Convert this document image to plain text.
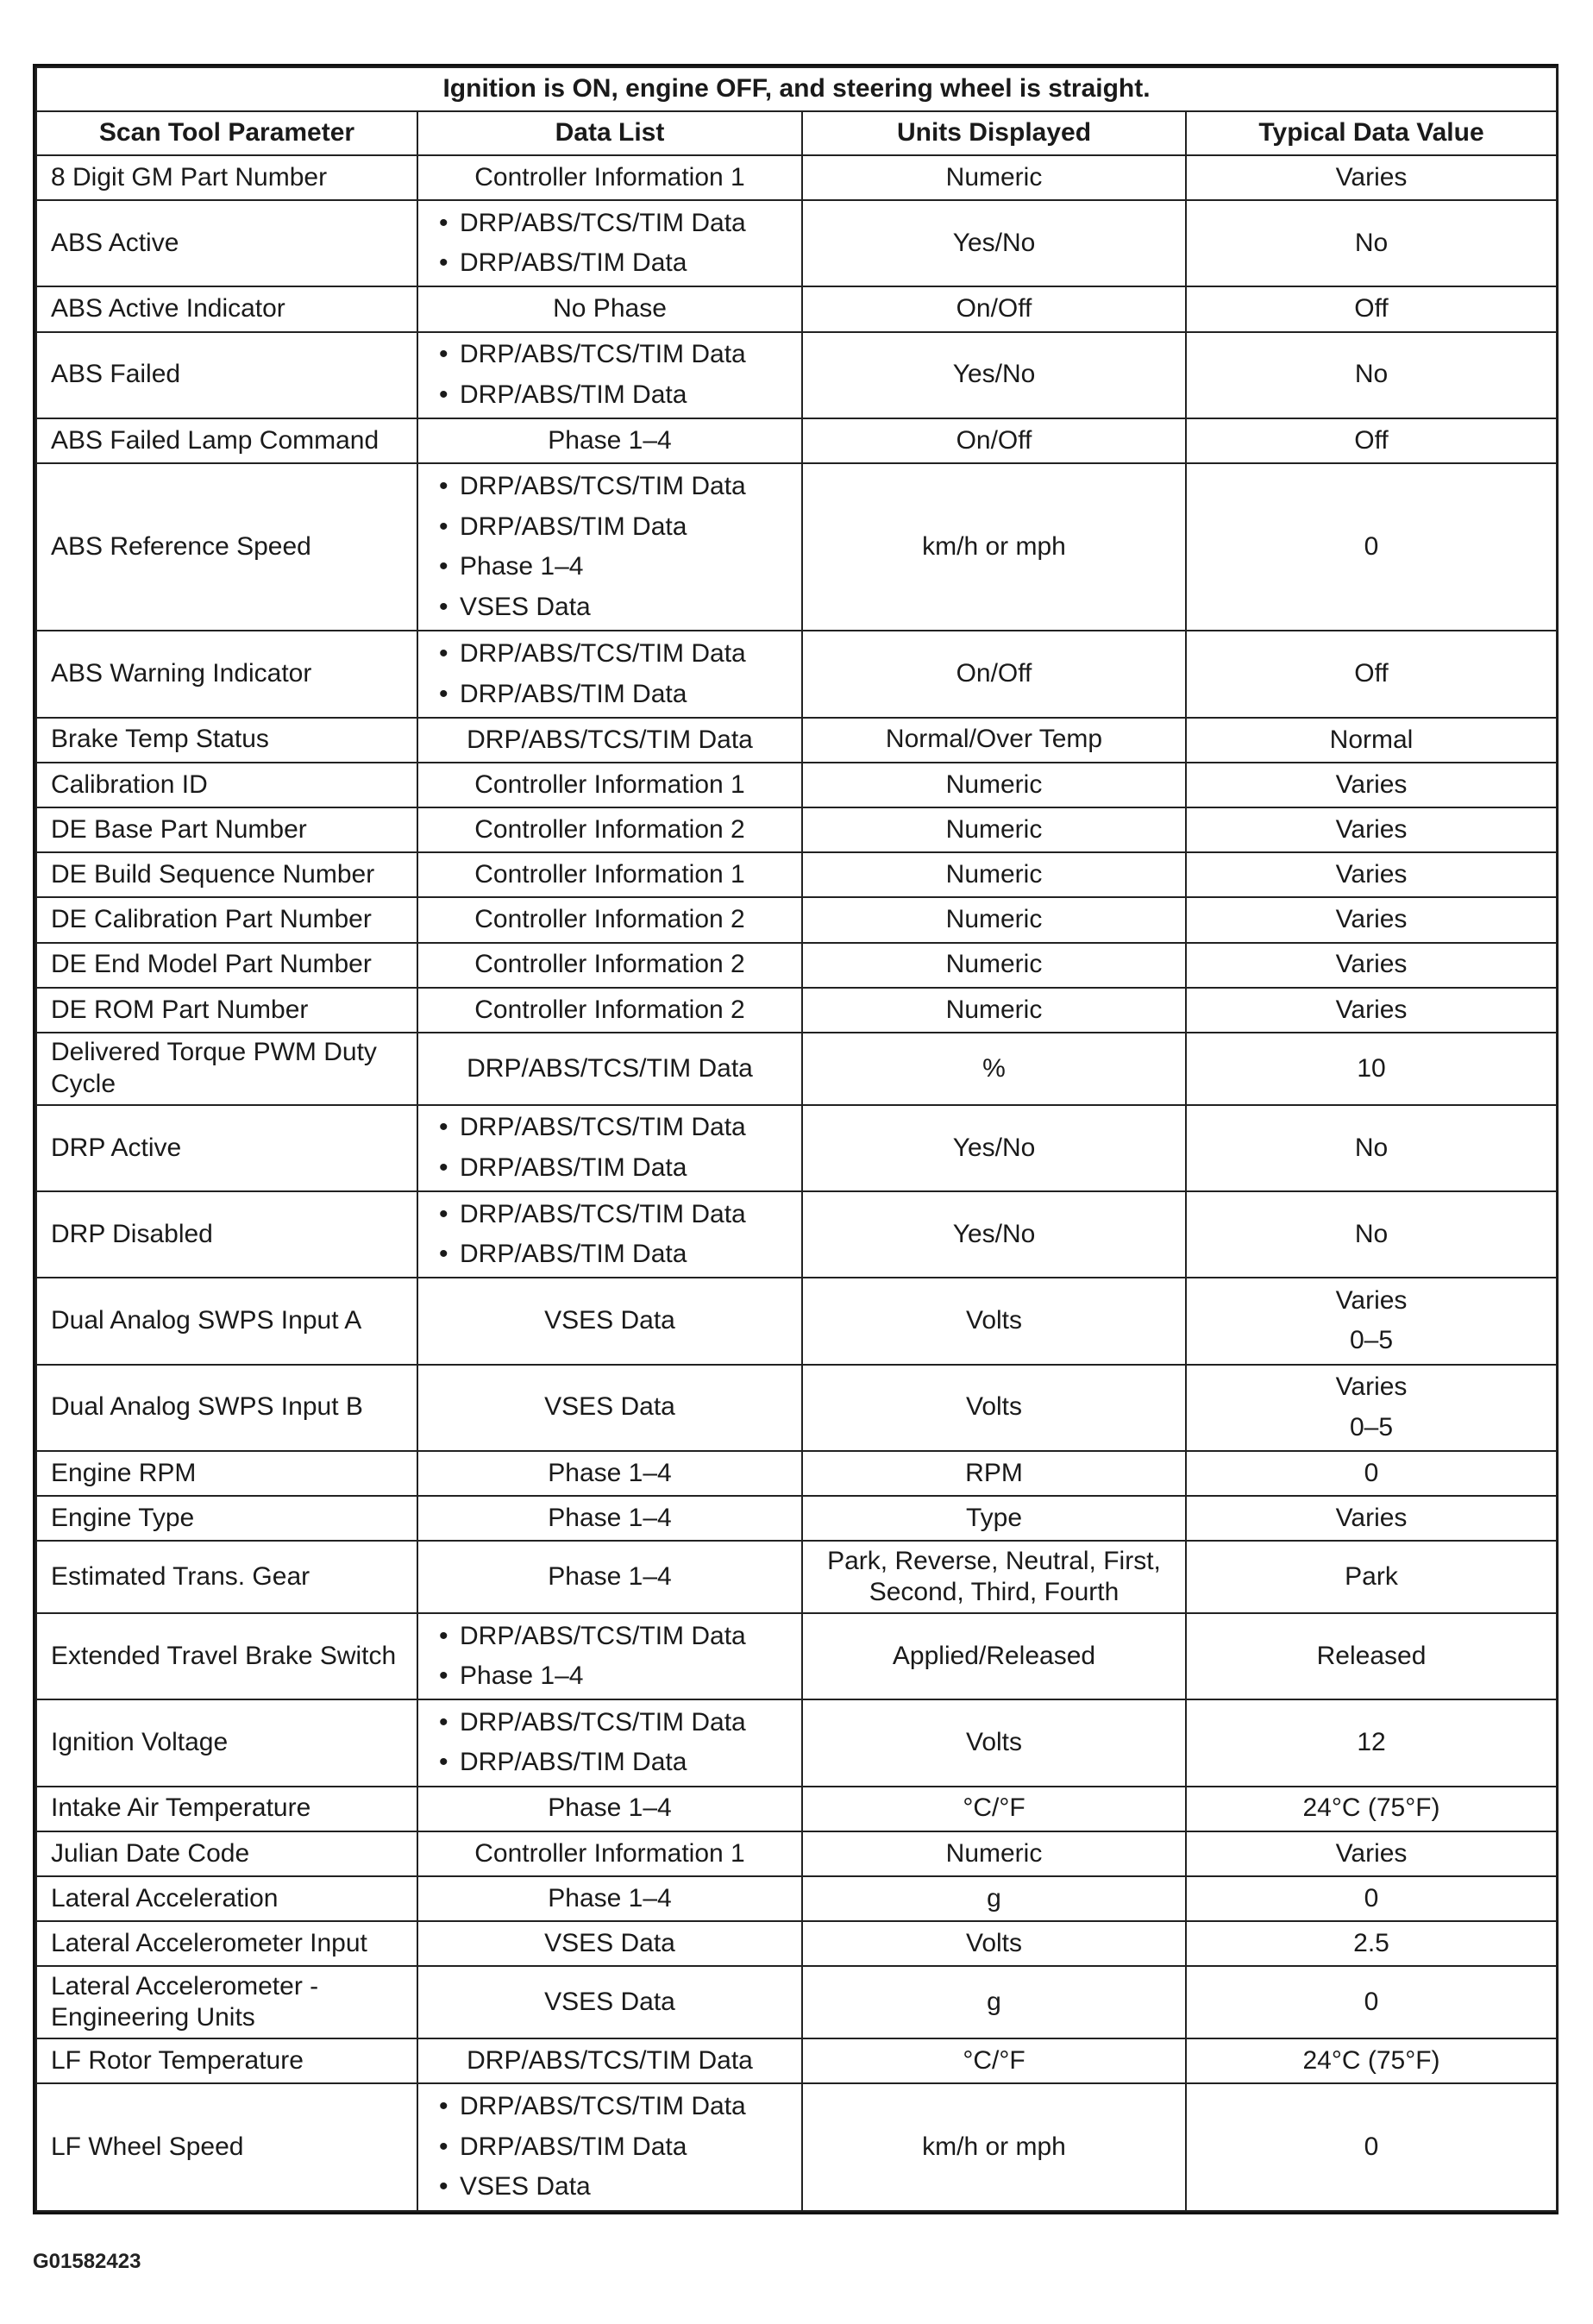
Ignition is ON, engine OFF, and steering wheel is straight.			
Scan Tool Parameter	Data List	Units Displayed	Typical Data Value
8 Digit GM Part Number	Controller Information 1	Numeric	Varies

ABS Active	• DRP/ABS/TCS/TIM Data
• DRP/ABS/TIM Data	Yes/No	No

ABS Active Indicator	No Phase	On/Off	Off

ABS Failed	• DRP/ABS/TCS/TIM Data
• DRP/ABS/TIM Data	Yes/No	No

ABS Failed Lamp Command	Phase 1–4	On/Off	Off

ABS Reference Speed	• DRP/ABS/TCS/TIM Data
• DRP/ABS/TIM Data
• Phase 1–4
• VSES Data	km/h or mph	0

ABS Warning Indicator	• DRP/ABS/TCS/TIM Data
• DRP/ABS/TIM Data	On/Off	Off

Brake Temp Status	DRP/ABS/TCS/TIM Data	Normal/Over Temp	Normal

Calibration ID	Controller Information 1	Numeric	Varies

DE Base Part Number	Controller Information 2	Numeric	Varies

DE Build Sequence Number	Controller Information 1	Numeric	Varies

DE Calibration Part Number	Controller Information 2	Numeric	Varies

DE End Model Part Number	Controller Information 2	Numeric	Varies

DE ROM Part Number	Controller Information 2	Numeric	Varies

Delivered Torque PWM Duty Cycle	DRP/ABS/TCS/TIM Data	%	10

DRP Active	• DRP/ABS/TCS/TIM Data
• DRP/ABS/TIM Data	Yes/No	No

DRP Disabled	• DRP/ABS/TCS/TIM Data
• DRP/ABS/TIM Data	Yes/No	No

Dual Analog SWPS Input A	VSES Data	Volts	Varies
0–5

Dual Analog SWPS Input B	VSES Data	Volts	Varies
0–5

Engine RPM	Phase 1–4	RPM	0

Engine Type	Phase 1–4	Type	Varies

Estimated Trans. Gear	Phase 1–4	Park, Reverse, Neutral, First, Second, Third, Fourth	Park

Extended Travel Brake Switch	• DRP/ABS/TCS/TIM Data
• Phase 1–4	Applied/Released	Released

Ignition Voltage	• DRP/ABS/TCS/TIM Data
• DRP/ABS/TIM Data	Volts	12

Intake Air Temperature	Phase 1–4	°C/°F	24°C (75°F)

Julian Date Code	Controller Information 1	Numeric	Varies

Lateral Acceleration	Phase 1–4	g	0

Lateral Accelerometer Input	VSES Data	Volts	2.5

Lateral Accelerometer - Engineering Units	VSES Data	g	0

LF Rotor Temperature	DRP/ABS/TCS/TIM Data	°C/°F	24°C (75°F)

LF Wheel Speed	• DRP/ABS/TCS/TIM Data
• DRP/ABS/TIM Data
• VSES Data	km/h or mph	0
G01582423
